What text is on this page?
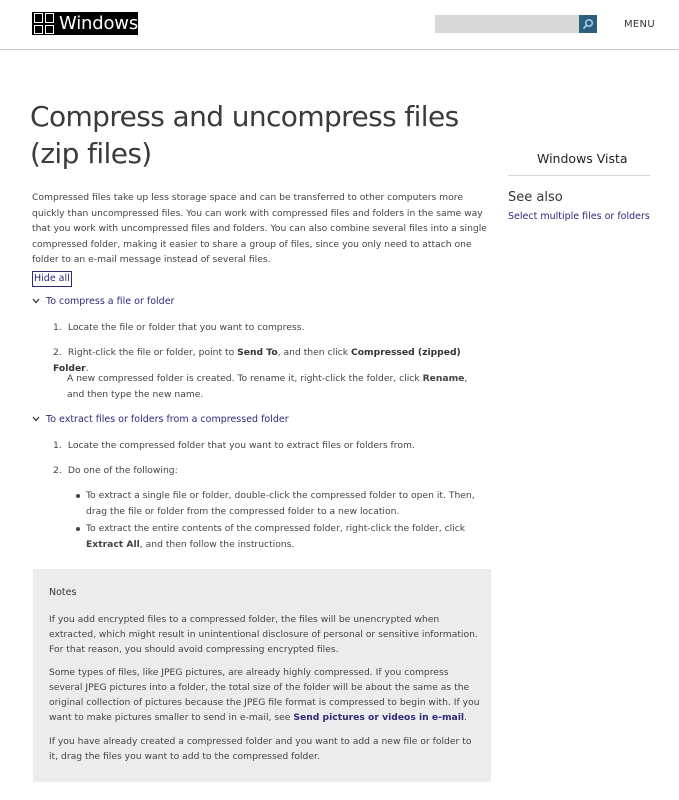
Windows	MENU
Compress and uncompress files (zip files)	Windows Vista
See also
Select multiple files or folders

Compressed files take up less storage space and can be transferred to other computers more quickly than uncompressed files. You can work with compressed files and folders in the same way that you work with uncompressed files and folders. You can also combine several files into a single compressed folder, making it easier to share a group of files, since you only need to attach one folder to an e-mail message instead of several files.

Hide all
To compress a file or folder
1. Locate the file or folder that you want to compress.
2. Right-click the file or folder, point to Send To, and then click Compressed (zipped) Folder.
A new compressed folder is created. To rename it, right-click the folder, click Rename, and then type the new name.
To extract files or folders from a compressed folder
1. Locate the compressed folder that you want to extract files or folders from.
2. Do one of the following:
To extract a single file or folder, double-click the compressed folder to open it. Then, drag the file or folder from the compressed folder to a new location.
To extract the entire contents of the compressed folder, right-click the folder, click Extract All, and then follow the instructions.
Notes
If you add encrypted files to a compressed folder, the files will be unencrypted when extracted, which might result in unintentional disclosure of personal or sensitive information. For that reason, you should avoid compressing encrypted files.
Some types of files, like JPEG pictures, are already highly compressed. If you compress several JPEG pictures into a folder, the total size of the folder will be about the same as the original collection of pictures because the JPEG file format is compressed to begin with. If you want to make pictures smaller to send in e-mail, see Send pictures or videos in e-mail.
If you have already created a compressed folder and you want to add a new file or folder to it, drag the files you want to add to the compressed folder.
